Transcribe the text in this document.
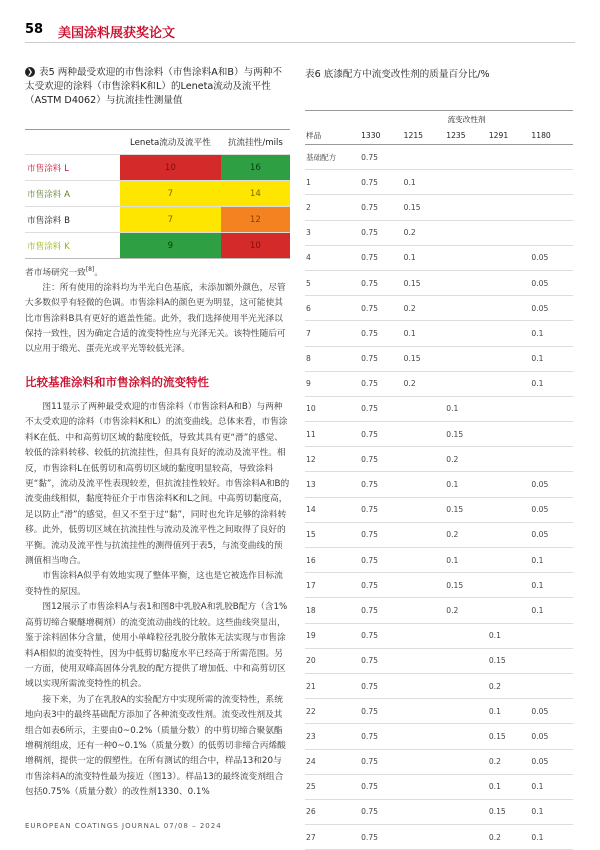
58 美国涂料展获奖论文
❯ 表5 两种最受欢迎的市售涂料（市售涂料A和B）与两种不太受欢迎的涂料（市售涂料K和L）的Leneta流动及流平性（ASTM D4062）与抗流挂性测量值
	Leneta流动及流平性	抗流挂性/mils
市售涂料 L	10	16
市售涂料 A	7	14
市售涂料 B	7	12
市售涂料 K	9	10

者市场研究一致[8]。

注：所有使用的涂料均为半光白色基底，未添加额外颜色，尽管大多数似乎有轻微的色调。市售涂料A的颜色更为明显，这可能使其比市售涂料B具有更好的遮盖性能。此外，我们选择使用半光光泽以保持一致性，因为确定合适的流变特性应与光泽无关。该特性随后可以应用于缎光、蛋壳光或平光等较低光泽。

比较基准涂料和市售涂料的流变特性

图11显示了两种最受欢迎的市售涂料（市售涂料A和B）与两种不太受欢迎的涂料（市售涂料K和L）的流变曲线。总体来看，市售涂料K在低、中和高剪切区域的黏度较低，导致其具有更“滑”的感觉、较低的涂料转移、较低的抗流挂性，但具有良好的流动及流平性。相反，市售涂料L在低剪切和高剪切区域的黏度明显较高，导致涂料更“黏”，流动及流平性表现较差，但抗流挂性较好。市售涂料A和B的流变曲线相似，黏度特征介于市售涂料K和L之间。中高剪切黏度高，足以防止“滑”的感觉，但又不至于过“黏”，同时也允许足够的涂料转移。此外，低剪切区域在抗流挂性与流动及流平性之间取得了良好的平衡。流动及流平性与抗流挂性的测得值列于表5，与流变曲线的预测值相当吻合。

市售涂料A似乎有效地实现了整体平衡，这也是它被选作目标流变特性的原因。

图12展示了市售涂料A与表1和图8中乳胶A和乳胶B配方（含1%高剪切缔合聚醚增稠剂）的流变流动曲线的比较。这些曲线突显出，鉴于涂料固体分含量，使用小单峰粒径乳胶分散体无法实现与市售涂料A相似的流变特性，因为中低剪切黏度水平已经高于所需范围。另一方面，使用双峰高固体分乳胶的配方提供了增加低、中和高剪切区域以实现所需流变特性的机会。

接下来，为了在乳胶A的实验配方中实现所需的流变特性，系统地向表3中的最终基础配方添加了各种流变改性剂。流变改性剂及其组合如表6所示，主要由0~0.2%（质量分数）的中剪切缔合聚氨酯增稠剂组成，还有一种0~0.1%（质量分数）的低剪切非缔合丙烯酸增稠剂，提供一定的假塑性。在所有测试的组合中，样品13和20与市售涂料A的流变特性最为接近（图13）。样品13的最终流变剂组合包括0.75%（质量分数）的改性剂1330、0.1%

EUROPEAN COATINGS JOURNAL 07/08 – 2024
表6 底漆配方中流变改性剂的质量百分比/%
	流变改性剂				
样品	1330	1215	1235	1291	1180
基础配方	0.75				
1	0.75	0.1			
2	0.75	0.15			
3	0.75	0.2			
4	0.75	0.1			0.05
5	0.75	0.15			0.05
6	0.75	0.2			0.05
7	0.75	0.1			0.1
8	0.75	0.15			0.1
9	0.75	0.2			0.1
10	0.75		0.1		
11	0.75		0.15		
12	0.75		0.2		
13	0.75		0.1		0.05
14	0.75		0.15		0.05
15	0.75		0.2		0.05
16	0.75		0.1		0.1
17	0.75		0.15		0.1
18	0.75		0.2		0.1
19	0.75			0.1	
20	0.75			0.15	
21	0.75			0.2	
22	0.75			0.1	0.05
23	0.75			0.15	0.05
24	0.75			0.2	0.05
25	0.75			0.1	0.1
26	0.75			0.15	0.1
27	0.75			0.2	0.1
